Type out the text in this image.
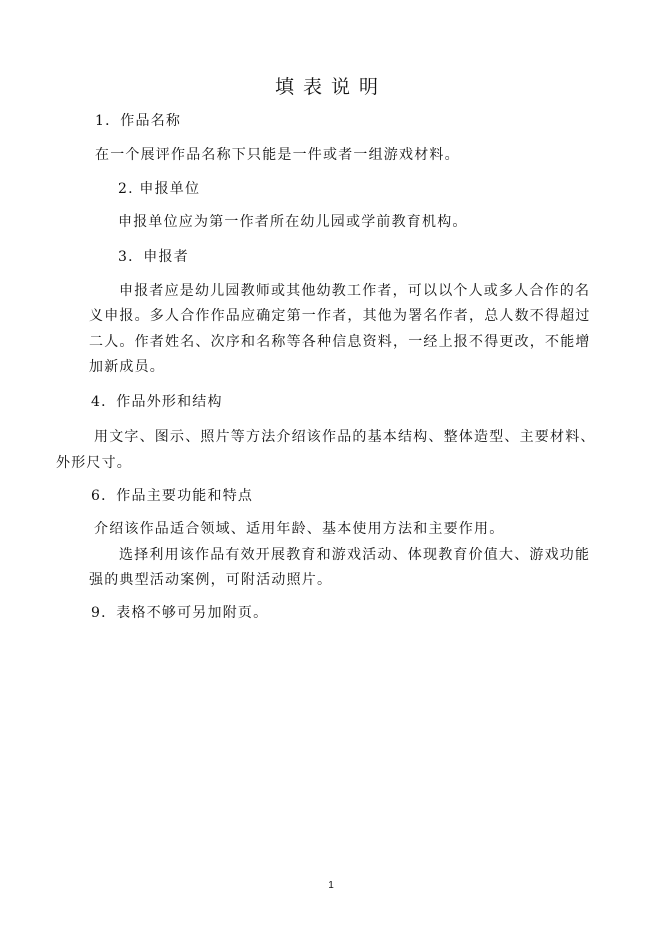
填表说明
1．作品名称
在一个展评作品名称下只能是一件或者一组游戏材料。
2. 申报单位
申报单位应为第一作者所在幼儿园或学前教育机构。
3．申报者
申报者应是幼儿园教师或其他幼教工作者，可以以个人或多人合作的名
义申报。多人合作作品应确定第一作者，其他为署名作者，总人数不得超过
二人。作者姓名、次序和名称等各种信息资料，一经上报不得更改，不能增
加新成员。
4．作品外形和结构
用文字、图示、照片等方法介绍该作品的基本结构、整体造型、主要材料、
外形尺寸。
6．作品主要功能和特点
介绍该作品适合领域、适用年龄、基本使用方法和主要作用。
选择利用该作品有效开展教育和游戏活动、体现教育价值大、游戏功能
强的典型活动案例，可附活动照片。
9．表格不够可另加附页。
1
